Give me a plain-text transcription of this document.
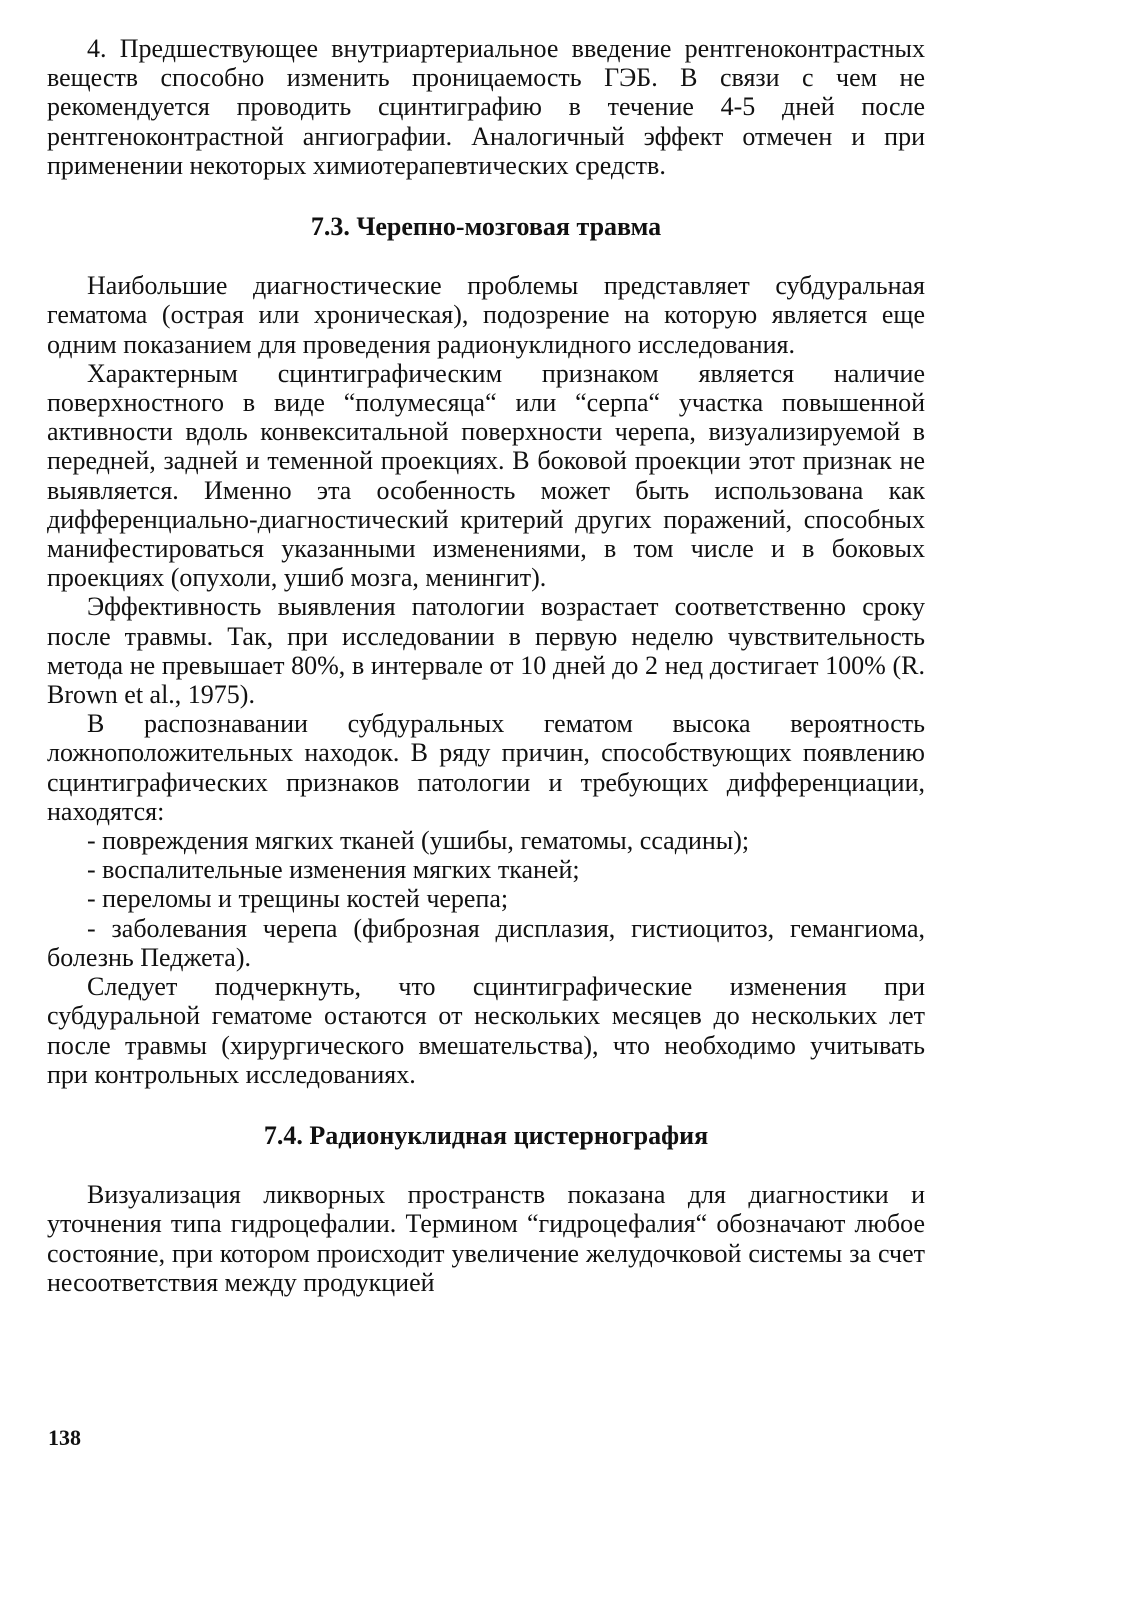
4. Предшествующее внутриартериальное введение рентгеноконтрастных веществ способно изменить проницаемость ГЭБ. В связи с чем не рекомендуется проводить сцинтиграфию в течение 4-5 дней после рентгеноконтрастной ангиографии. Аналогичный эффект отмечен и при применении некоторых химиотерапевтических средств.

7.3. Черепно-мозговая травма

Наибольшие диагностические проблемы представляет субдуральная гематома (острая или хроническая), подозрение на которую является еще одним показанием для проведения радионуклидного исследования.

Характерным сцинтиграфическим признаком является наличие поверхностного в виде “полумесяца“ или “серпа“ участка повышенной активности вдоль конвекситальной поверхности черепа, визуализируемой в передней, задней и теменной проекциях. В боковой проекции этот признак не выявляется. Именно эта особенность может быть использована как дифференциально-диагностический критерий других поражений, способных манифестироваться указанными изменениями, в том числе и в боковых проекциях (опухоли, ушиб мозга, менингит).

Эффективность выявления патологии возрастает соответственно сроку после травмы. Так, при исследовании в первую неделю чувствительность метода не превышает 80%, в интервале от 10 дней до 2 нед достигает 100% (R. Brown et al., 1975).

В распознавании субдуральных гематом высока вероятность ложноположительных находок. В ряду причин, способствующих появлению сцинтиграфических признаков патологии и требующих дифференциации, находятся:

- повреждения мягких тканей (ушибы, гематомы, ссадины);
- воспалительные изменения мягких тканей;
- переломы и трещины костей черепа;
- заболевания черепа (фиброзная дисплазия, гистиоцитоз, гемангиома, болезнь Педжета).

Следует подчеркнуть, что сцинтиграфические изменения при субдуральной гематоме остаются от нескольких месяцев до нескольких лет после травмы (хирургического вмешательства), что необходимо учитывать при контрольных исследованиях.

7.4. Радионуклидная цистернография

Визуализация ликворных пространств показана для диагностики и уточнения типа гидроцефалии. Термином “гидроцефалия“ обозначают любое состояние, при котором происходит увеличение желудочковой системы за счет несоответствия между продукцией

138
